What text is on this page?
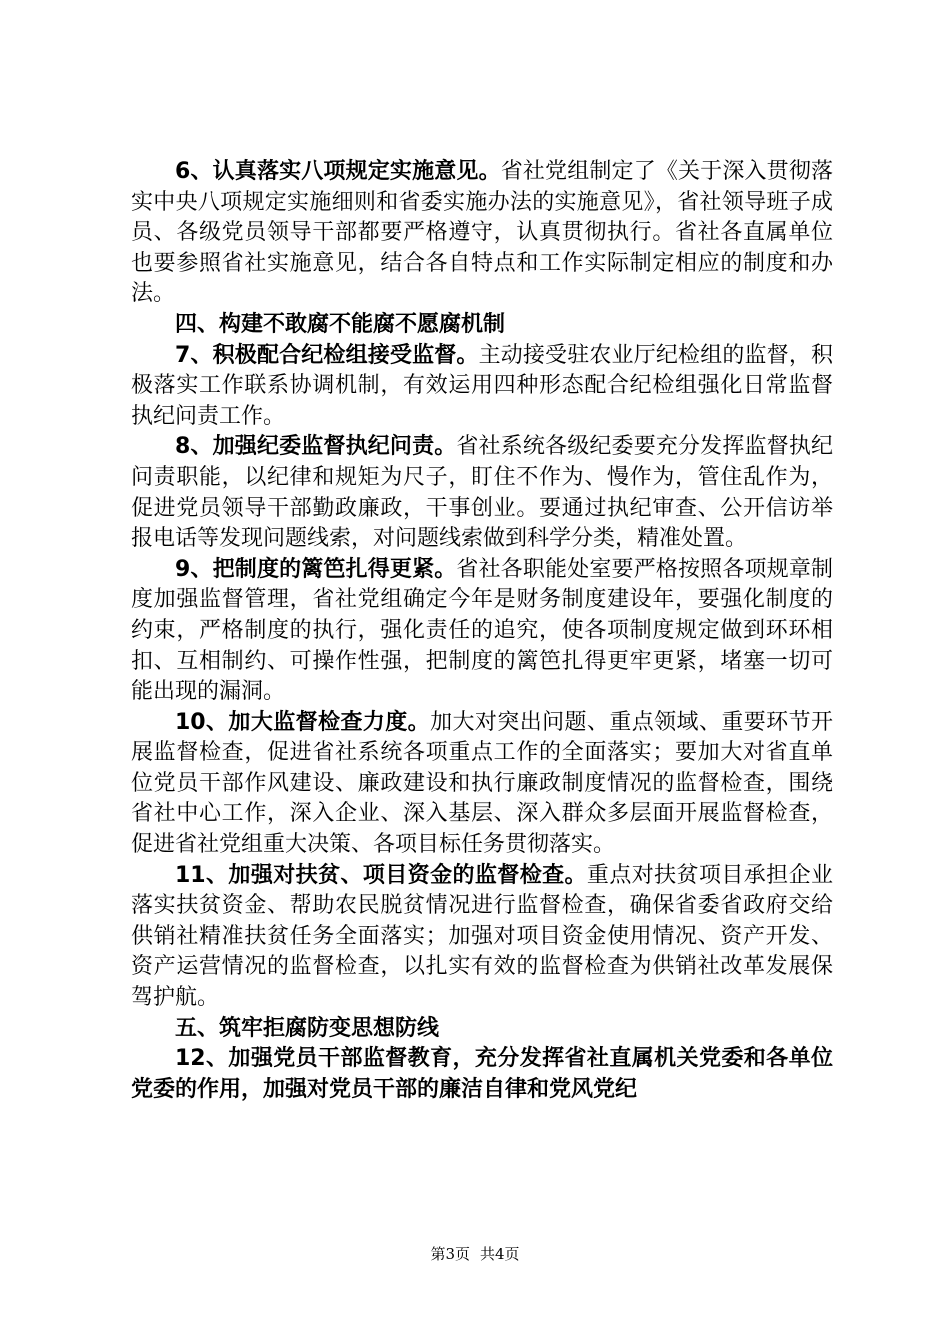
6、认真落实八项规定实施意见。省社党组制定了《关于深入贯彻落实中央八项规定实施细则和省委实施办法的实施意见》，省社领导班子成员、各级党员领导干部都要严格遵守，认真贯彻执行。省社各直属单位也要参照省社实施意见，结合各自特点和工作实际制定相应的制度和办法。

四、构建不敢腐不能腐不愿腐机制

7、积极配合纪检组接受监督。主动接受驻农业厅纪检组的监督，积极落实工作联系协调机制，有效运用四种形态配合纪检组强化日常监督执纪问责工作。

8、加强纪委监督执纪问责。省社系统各级纪委要充分发挥监督执纪问责职能，以纪律和规矩为尺子，盯住不作为、慢作为，管住乱作为，促进党员领导干部勤政廉政，干事创业。要通过执纪审查、公开信访举报电话等发现问题线索，对问题线索做到科学分类，精准处置。

9、把制度的篱笆扎得更紧。省社各职能处室要严格按照各项规章制度加强监督管理，省社党组确定今年是财务制度建设年，要强化制度的约束，严格制度的执行，强化责任的追究，使各项制度规定做到环环相扣、互相制约、可操作性强，把制度的篱笆扎得更牢更紧，堵塞一切可能出现的漏洞。

10、加大监督检查力度。加大对突出问题、重点领域、重要环节开展监督检查，促进省社系统各项重点工作的全面落实；要加大对省直单位党员干部作风建设、廉政建设和执行廉政制度情况的监督检查，围绕省社中心工作，深入企业、深入基层、深入群众多层面开展监督检查，促进省社党组重大决策、各项目标任务贯彻落实。

11、加强对扶贫、项目资金的监督检查。重点对扶贫项目承担企业落实扶贫资金、帮助农民脱贫情况进行监督检查，确保省委省政府交给供销社精准扶贫任务全面落实；加强对项目资金使用情况、资产开发、资产运营情况的监督检查，以扎实有效的监督检查为供销社改革发展保驾护航。

五、筑牢拒腐防变思想防线

12、加强党员干部监督教育，充分发挥省社直属机关党委和各单位党委的作用，加强对党员干部的廉洁自律和党风党纪

第3页 共4页
